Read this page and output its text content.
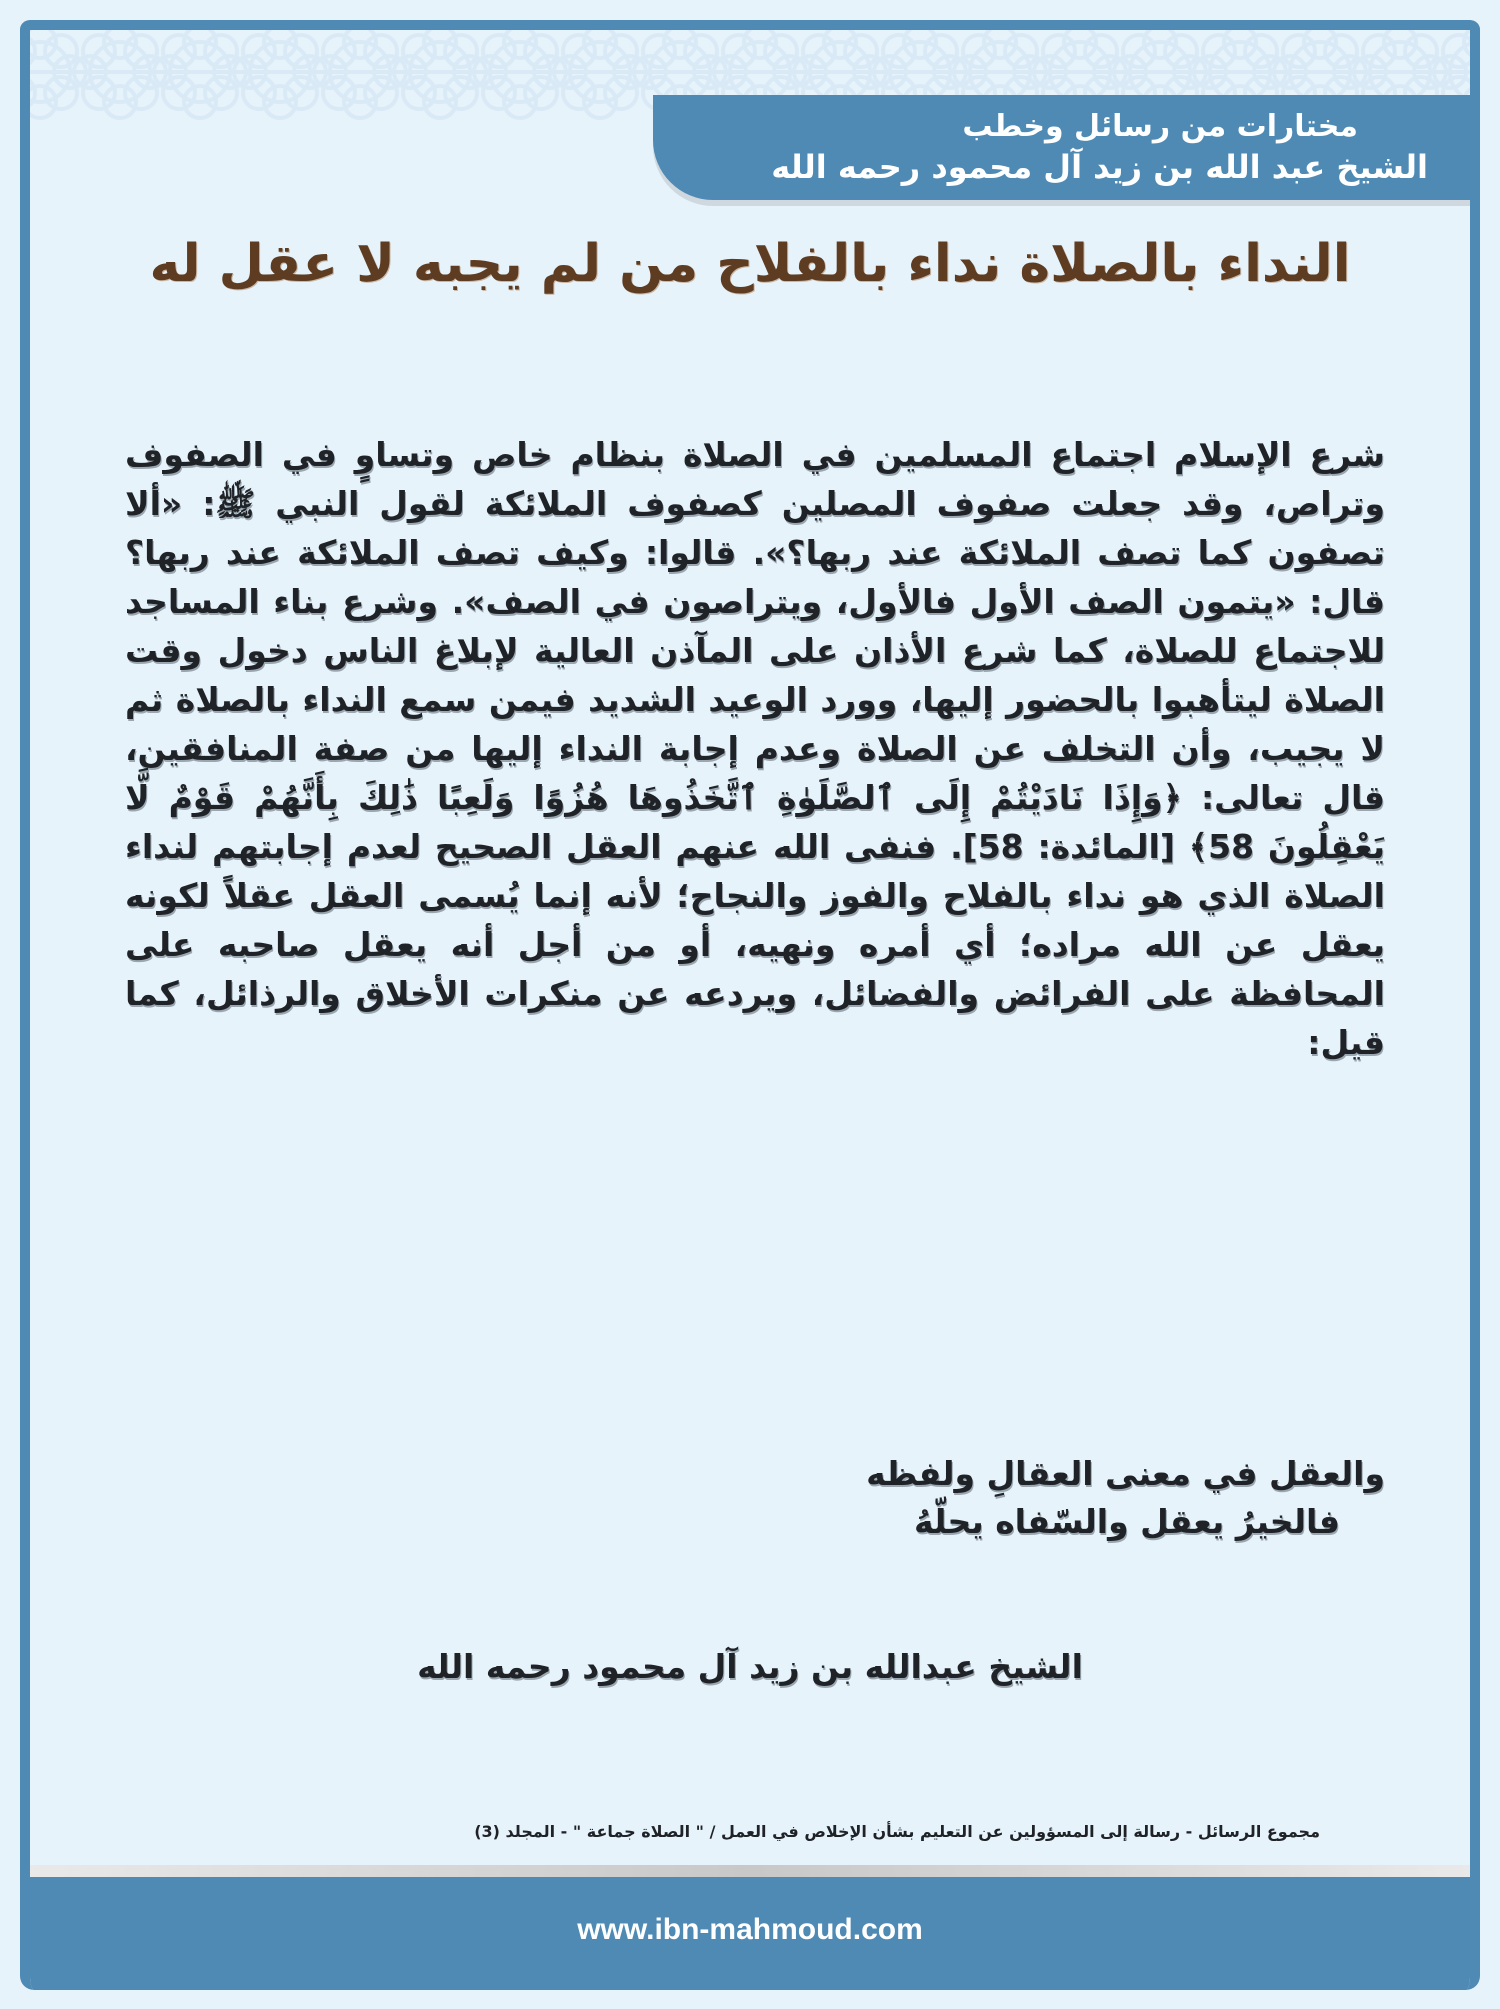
مختارات من رسائل وخطب
الشيخ عبد الله بن زيد آل محمود رحمه الله
النداء بالصلاة نداء بالفلاح من لم يجبه لا عقل له

شرع الإسلام اجتماع المسلمين في الصلاة بنظام خاص وتساوٍ في الصفوف وتراص، وقد جعلت صفوف المصلين كصفوف الملائكة لقول النبي ﷺ: «ألا تصفون كما تصف الملائكة عند ربها؟». قالوا: وكيف تصف الملائكة عند ربها؟ قال: «يتمون الصف الأول فالأول، ويتراصون في الصف». وشرع بناء المساجد للاجتماع للصلاة، كما شرع الأذان على المآذن العالية لإبلاغ الناس دخول وقت الصلاة ليتأهبوا بالحضور إليها، وورد الوعيد الشديد فيمن سمع النداء بالصلاة ثم لا يجيب، وأن التخلف عن الصلاة وعدم إجابة النداء إليها من صفة المنافقين، قال تعالى: ﴿وَإِذَا نَادَيْتُمْ إِلَى ٱلصَّلَوٰةِ ٱتَّخَذُوهَا هُزُوًا وَلَعِبًا ذَٰلِكَ بِأَنَّهُمْ قَوْمٌ لَّا يَعْقِلُونَ 58﴾ [المائدة: 58]. فنفى الله عنهم العقل الصحيح لعدم إجابتهم لنداء الصلاة الذي هو نداء بالفلاح والفوز والنجاح؛ لأنه إنما يُسمى العقل عقلاً لكونه يعقل عن الله مراده؛ أي أمره ونهيه، أو من أجل أنه يعقل صاحبه على المحافظة على الفرائض والفضائل، ويردعه عن منكرات الأخلاق والرذائل، كما قيل:

والعقل في معنى العقالِ ولفظه
فالخيرُ يعقل والسّفاه يحلّهُ
الشيخ عبدالله بن زيد آل محمود رحمه الله
مجموع الرسائل - رسالة إلى المسؤولين عن التعليم بشأن الإخلاص في العمل / " الصلاة جماعة " - المجلد (3)
www.ibn-mahmoud.com
